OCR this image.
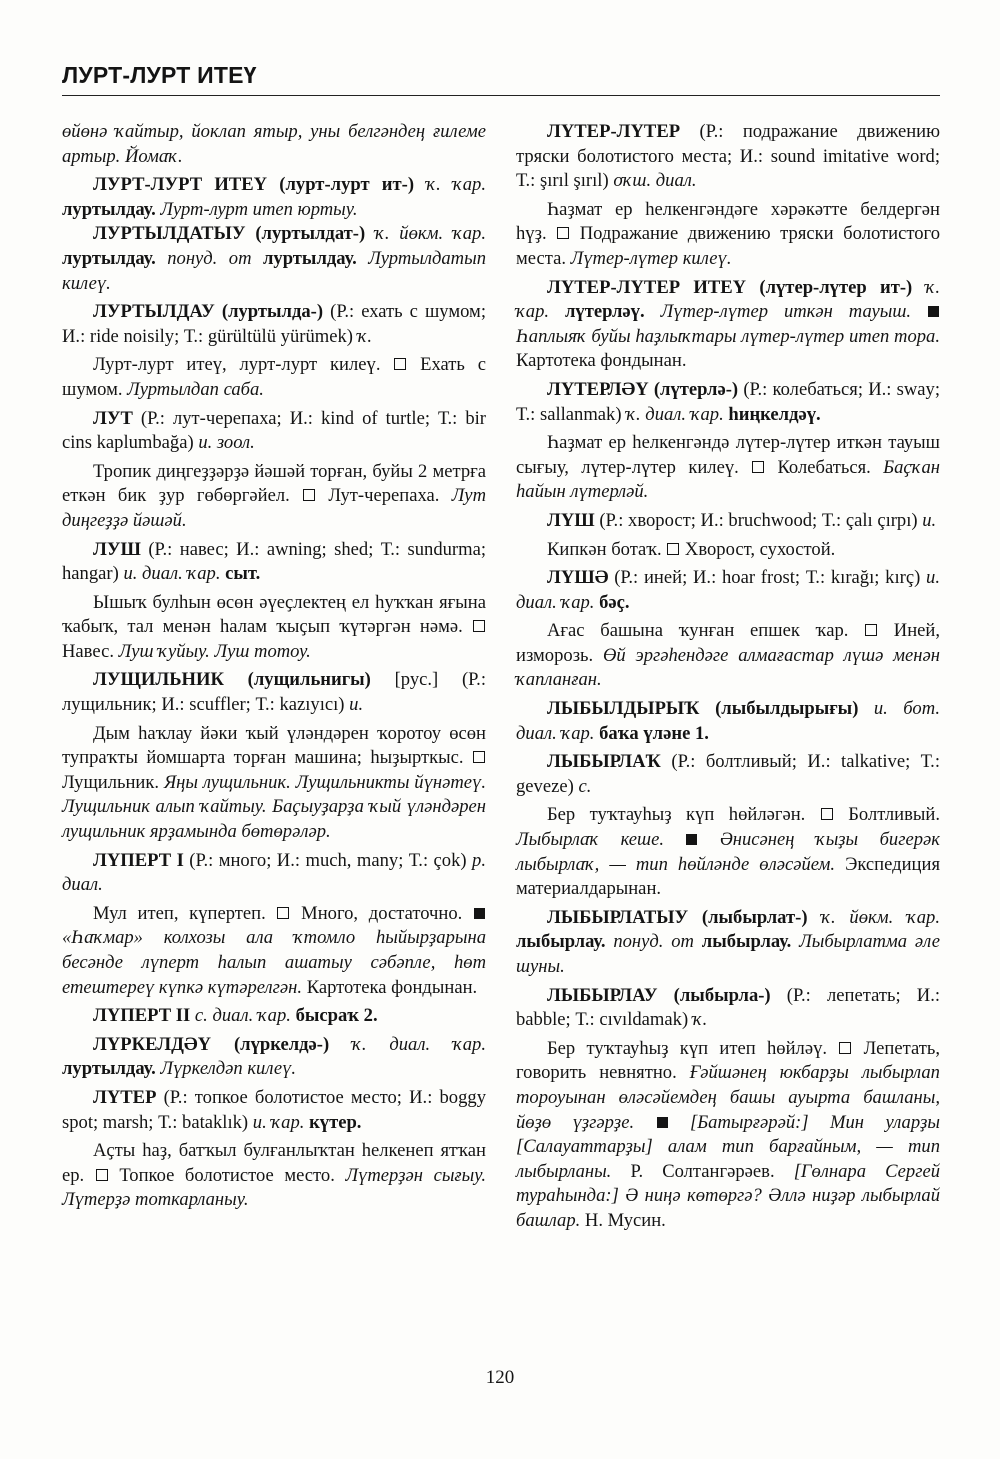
ЛУРТ-ЛУРТ ИТЕҮ

өйөнә ҡайтыр, йоклап ятыр, уны белгәндең ғилеме артыр. Йомаҡ.

ЛУРТ-ЛУРТ ИТЕҮ (лурт-лурт ит-) ҡ. ҡар. луртылдау. Лурт-лурт итеп юртыу.

ЛУРТЫЛДАТЫУ (луртылдат-) ҡ. йөкм. ҡар. луртылдау. понуд. от луртылдау. Луртылдатып килеү.

ЛУРТЫЛДАУ (луртылда-) (Р.: ехать с шумом; И.: ride noisily; Т.: gürültülü yürümek) ҡ.

Лурт-лурт итеү, лурт-лурт килеү.  Ехать с шумом. Луртылдап саба.

ЛУТ (Р.: лут-черепаха; И.: kind of turtle; Т.: bir cins kaplumbağa) и. зоол.

Тропик диңгеҙҙәрҙә йәшәй торған, буйы 2 метрға еткән бик ҙур гөбөргәйел.  Лут-черепаха. Лут диңгеҙҙә йәшәй.

ЛУШ (Р.: навес; И.: awning; shed; Т.: sundurma; hangar) и. диал. ҡар. сыт.

Ышыҡ булһын өсөн әүеҫлектең ел һуҡҡан яғына ҡабыҡ, тал менән һалам ҡыҫып ҡүтәргән нәмә.  Навес. Луш ҡуйыу. Луш тотоу.

ЛУЩИЛЬНИК (лущильнигы) [рус.] (Р.: лущильник; И.: scuffler; Т.: kazıyıcı) и.

Дым һаҡлау йәки ҡый үләндәрен ҡоротоу өсөн тупраҡты йомшарта торған машина; һыҙырткыс.  Лущильник. Яңы лущильник. Лущильникты йүнәтеү. Лущильник алып ҡайтыу. Баҫыуҙарҙа ҡый үләндәрен лущильник ярҙамында бөтөрәләр.

ЛҮПЕРТ I (Р.: много; И.: much, many; Т.: çok) р. диал.

Мул итеп, күпертеп.  Много, достаточно.  «Һаҡмар» колхозы ала ҡтомло һыйырҙарына бесәнде лүперт һалып ашатыу сәбәпле, һөт етештереү күпкә күтәрелгән. Картотека фондынан.

ЛҮПЕРТ II с. диал. ҡар. бысраҡ 2.

ЛҮРКЕЛДӘҮ (лүркелдә-) ҡ. диал. ҡар. луртылдау. Лүркелдәп килеү.

ЛҮТЕР (Р.: топкое болотистое место; И.: boggy spot; marsh; Т.: bataklık) и. ҡар. күтер.

Аҫты һаҙ, батҡыл булғанлыҡтан һелкенеп ятҡан ер.  Топкое болотистое место. Лүтерҙән сығыу. Лүтерҙә тоткарланыу.

ЛҮТЕР-ЛҮТЕР (Р.: подражание движению тряски болотистого места; И.: sound imitative word; Т.: şırıl şırıl) оҡш. диал.

Һаҙмат ер һелкенгәндәге хәрәкәтте белдергән һүҙ.  Подражание движению тряски болотистого места. Лүтер-лүтер килеү.

ЛҮТЕР-ЛҮТЕР ИТЕҮ (лүтер-лүтер ит-) ҡ. ҡар. лүтерләү. Лүтер-лүтер иткән тауыш.  Һаплыяҡ буйы һаҙлыҡтары лүтер-лүтер итеп тора. Картотека фондынан.

ЛҮТЕРЛӘҮ (лүтерлә-) (Р.: колебаться; И.: sway; Т.: sallanmak) ҡ. диал. ҡар. һиңкелдәү.

Һаҙмат ер һелкенгәндә лүтер-лүтер иткән тауыш сығыу, лүтер-лүтер килеү.  Колебаться. Баҫҡан һайын лүтерләй.

ЛҮШ (Р.: хворост; И.: bruchwood; Т.: çalı çırpı) и.

Кипкән ботаҡ.  Хворост, сухостой.

ЛҮШӘ (Р.: иней; И.: hoar frost; Т.: kırağı; kırç) и. диал. ҡар. бәҫ.

Ағас башына ҡунған епшек ҡар.  Иней, изморозь. Өй эргәһендәге алмағастар лүшә менән ҡапланған.

ЛЫБЫЛДЫРЫҠ (лыбылдырығы) и. бот. диал. ҡар. баҡа үләне 1.

ЛЫБЫРЛАҠ (Р.: болтливый; И.: talkative; Т.: geveze) с.

Бер туҡтауһыҙ күп һөйләгән.  Болтливый. Лыбырлаҡ кеше.  Әнисәнең ҡыҙы бигерәк лыбырлаҡ, — тип һөйләнде өләсәйем. Экспедиция материалдарынан.

ЛЫБЫРЛАТЫУ (лыбырлат-) ҡ. йөкм. ҡар. лыбырлау. понуд. от лыбырлау. Лыбырлатма әле шуны.

ЛЫБЫРЛАУ (лыбырла-) (Р.: лепетать; И.: babble; Т.: cıvıldamak) ҡ.

Бер туҡтауһыҙ күп итеп һөйләү.  Лепетать, говорить невнятно. Ғәйшәнең юкбарҙы лыбырлап тороуынан өләсәйемдең башы ауырта башланы, йөҙө үҙгәрҙе.  [Батырғәрәй:] Мин уларҙы [Салауаттарҙы] алам тип барғайным, — тип лыбырланы. Р. Солтангәрәев. [Гөлнара Сергей тураһында:] Ә ниңә көтөргә? Әллә ниҙәр лыбырлай башлар. Н. Мусин.

120
